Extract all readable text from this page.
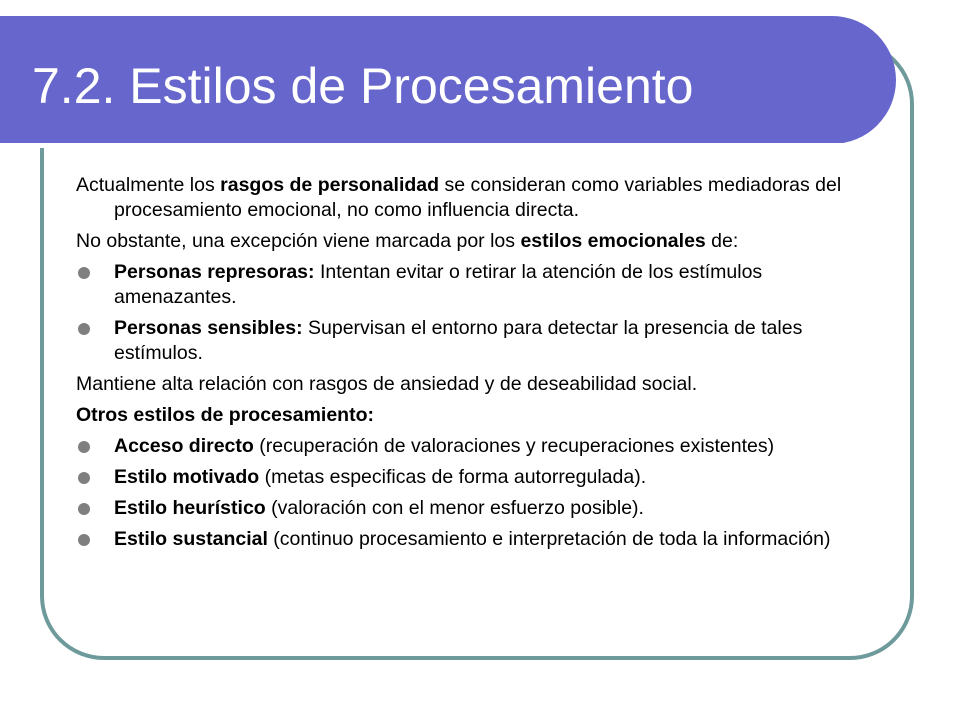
7.2. Estilos de Procesamiento

Actualmente los rasgos de personalidad se consideran como variables mediadoras del procesamiento emocional, no como influencia directa.

No obstante, una excepción viene marcada por los estilos emocionales de:

Personas represoras: Intentan evitar o retirar la atención de los estímulos amenazantes.
Personas sensibles: Supervisan el entorno para detectar la presencia de tales estímulos.

Mantiene alta relación con rasgos de ansiedad y de deseabilidad social.

Otros estilos de procesamiento:

Acceso directo (recuperación de valoraciones y recuperaciones existentes)
Estilo motivado (metas especificas de forma autorregulada).
Estilo heurístico (valoración con el menor esfuerzo posible).
Estilo sustancial (continuo procesamiento e interpretación de toda la información)
